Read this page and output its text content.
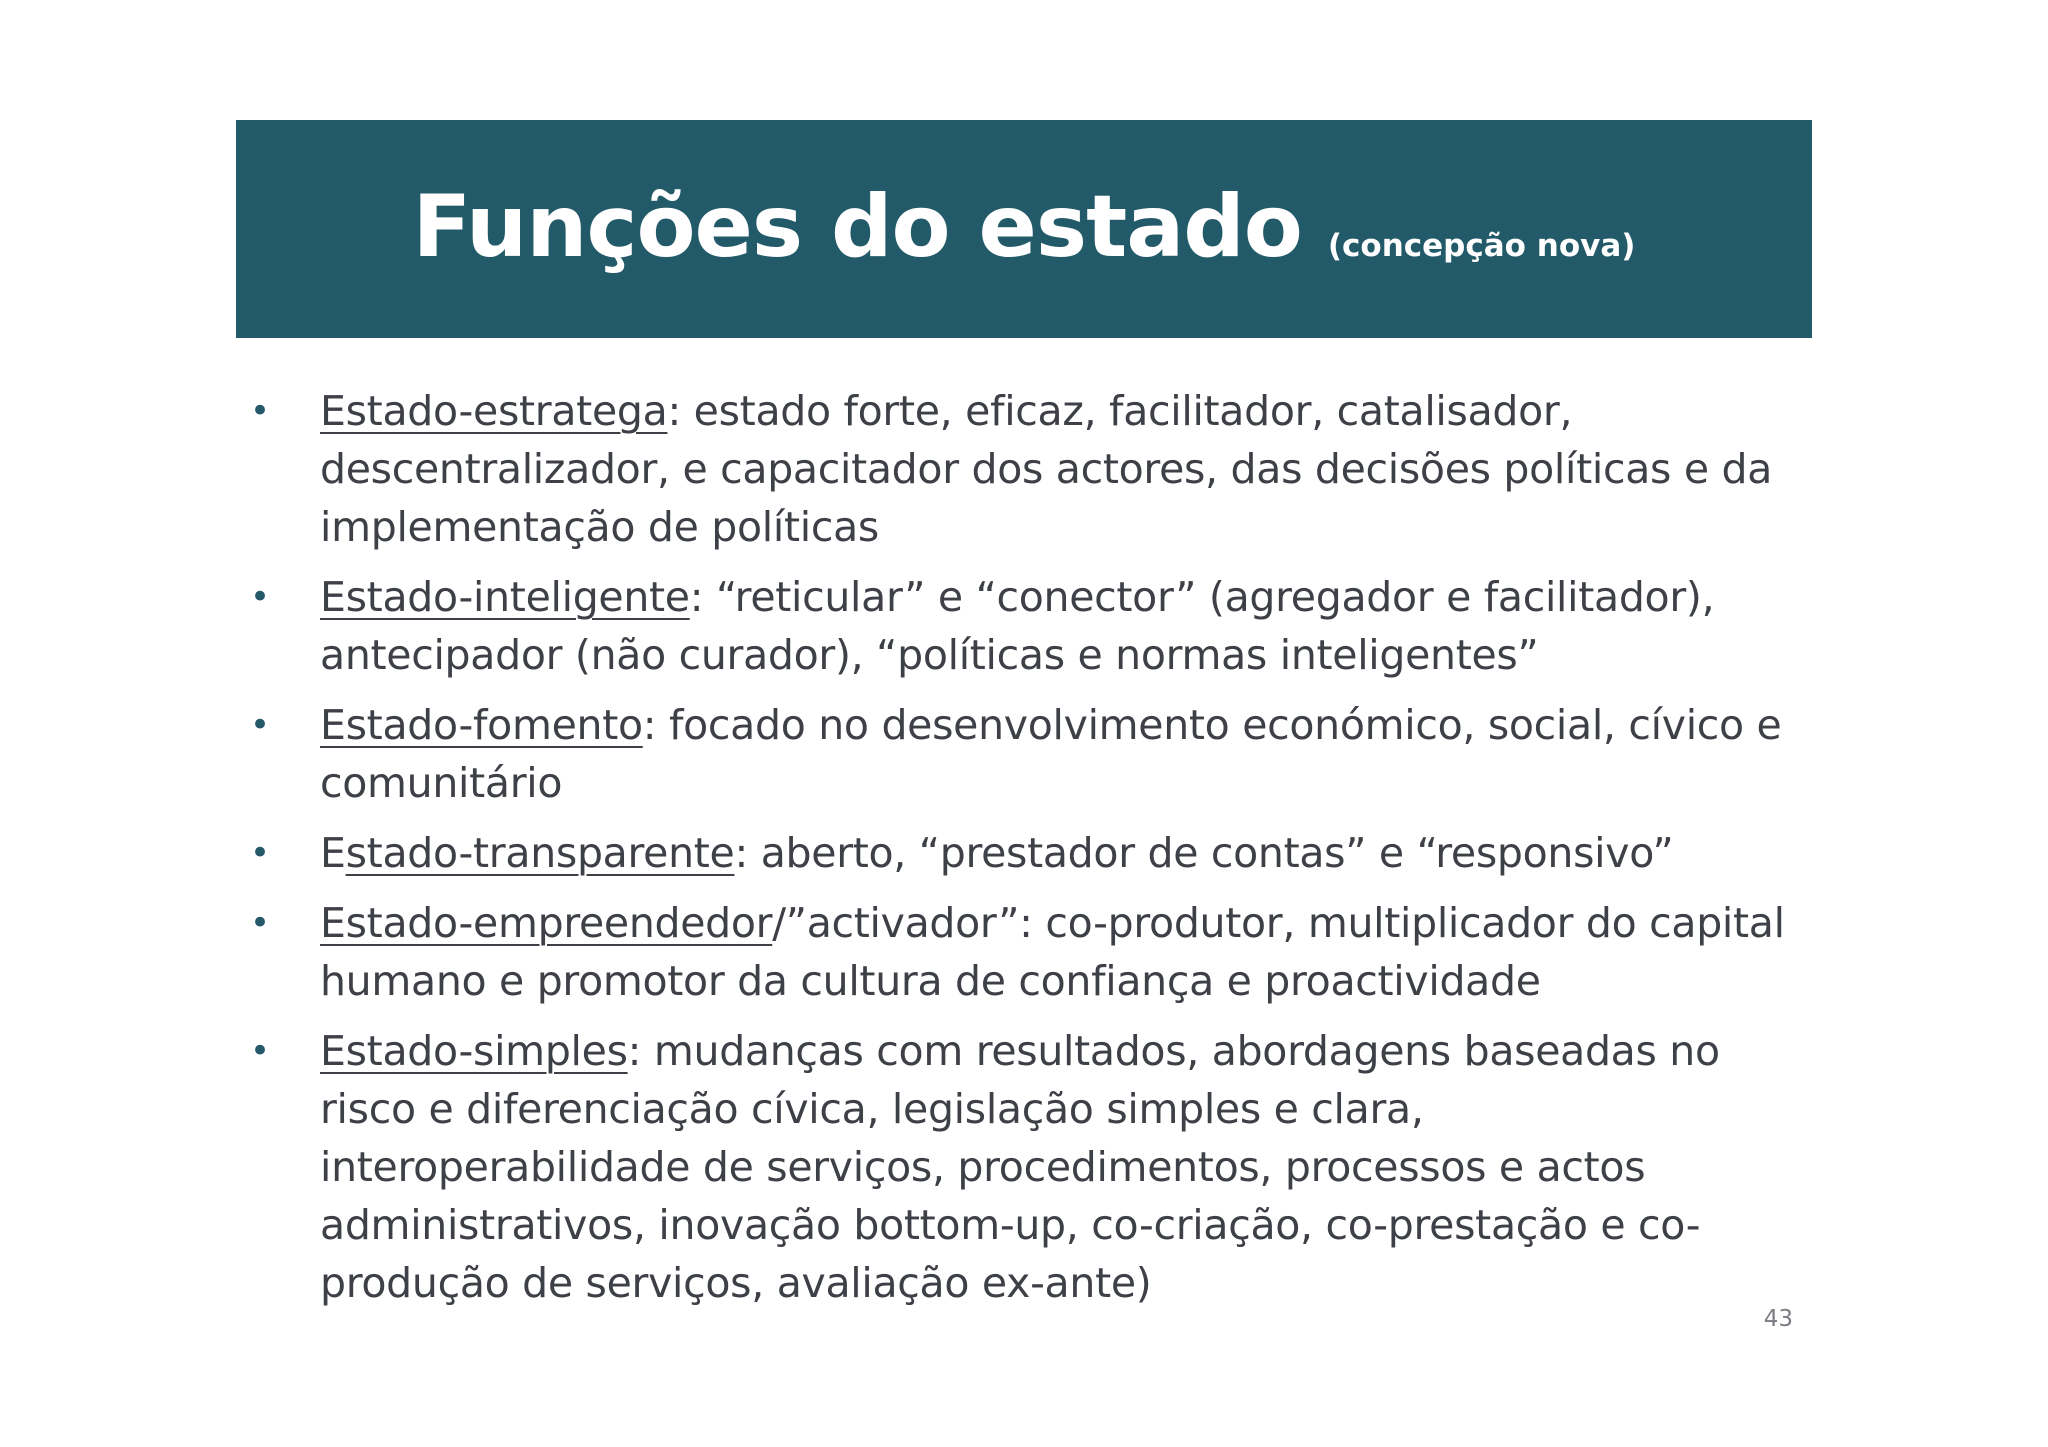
Funções do estado (concepção nova)
• Estado-estratega: estado forte, eficaz, facilitador, catalisador, descentralizador, e capacitador dos actores, das decisões políticas e da implementação de políticas
• Estado-inteligente: “reticular” e “conector” (agregador e facilitador), antecipador (não curador), “políticas e normas inteligentes”
• Estado-fomento: focado no desenvolvimento económico, social, cívico e comunitário
• Estado-transparente: aberto, “prestador de contas” e “responsivo”
• Estado-empreendedor/”activador”: co-produtor, multiplicador do capital humano e promotor da cultura de confiança e proactividade
• Estado-simples: mudanças com resultados, abordagens baseadas no risco e diferenciação cívica, legislação simples e clara, interoperabilidade de serviços, procedimentos, processos e actos administrativos, inovação bottom-up, co-criação, co-prestação e co-produção de serviços, avaliação ex-ante)
43
